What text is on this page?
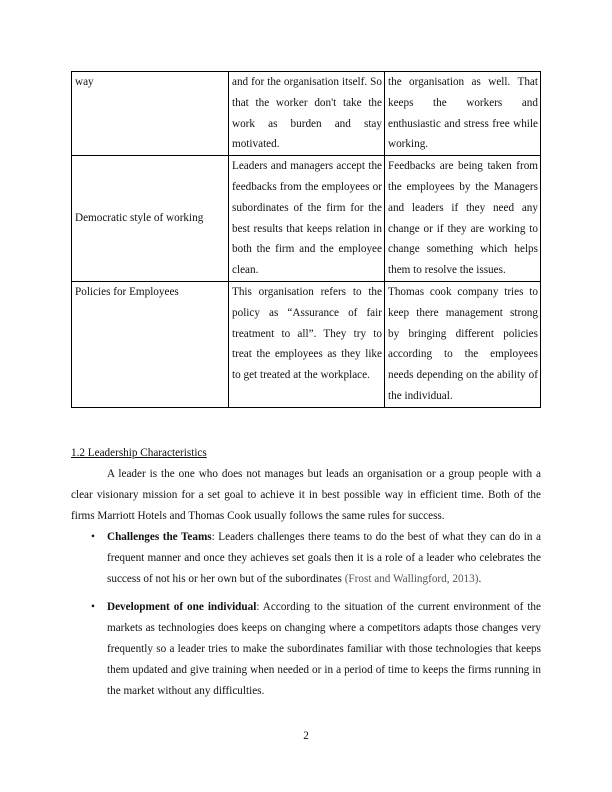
way	and for the organisation itself. So that the worker don't take the work as burden and stay motivated.	the organisation as well. That keeps the workers and enthusiastic and stress free while working.
Democratic style of working	Leaders and managers accept the feedbacks from the employees or subordinates of the firm for the best results that keeps relation in both the firm and the employee clean.	Feedbacks are being taken from the employees by the Managers and leaders if they need any change or if they are working to change something which helps them to resolve the issues.
Policies for Employees	This organisation refers to the policy as “Assurance of fair treatment to all”. They try to treat the employees as they like to get treated at the workplace.	Thomas cook company tries to keep there management strong by bringing different policies according to the employees needs depending on the ability of the individual.
1.2 Leadership Characteristics
A leader is the one who does not manages but leads an organisation or a group people with a clear visionary mission for a set goal to achieve it in best possible way in efficient time. Both of the firms Marriott Hotels and Thomas Cook usually follows the same rules for success.
• Challenges the Teams: Leaders challenges there teams to do the best of what they can do in a frequent manner and once they achieves set goals then it is a role of a leader who celebrates the success of not his or her own but of the subordinates (Frost and Wallingford, 2013).
• Development of one individual: According to the situation of the current environment of the markets as technologies does keeps on changing where a competitors adapts those changes very frequently so a leader tries to make the subordinates familiar with those technologies that keeps them updated and give training when needed or in a period of time to keeps the firms running in the market without any difficulties.
2
